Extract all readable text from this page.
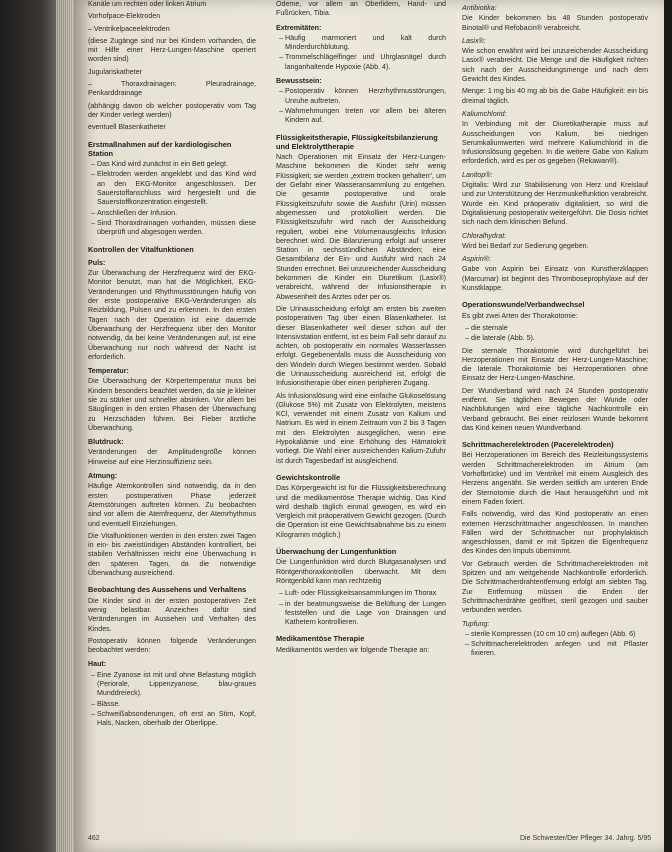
Kanäle um rechten oder linken Atrium

Vorhofpace-Elektroden

– Ventrikelpaceelektroden

(diese Zugänge sind nur bei Kindern vorhanden, die mit Hilfe einer Herz-Lungen-Maschine operiert worden sind)

Jugulariskatheter

– Thoraxdrainagen: Pleuradrainage, Perikarddrainage

(abhängig davon ob welcher postoperativ vom Tag der Kinder verlegt werden)

eventuell Blasenkatheter

Erstmaßnahmen auf der kardiologischen Station
• Das Kind wird zunächst in ein Bett gelegt.
• Elektroden werden angeklebt und das Kind wird an den EKG-Monitor angeschlossen. Der Sauerstoffanschluss wird hergestellt und die Sauerstoffkonzentration eingestellt.
• Anschließen der Infusion.
• Sind Thoraxdrainagen vorhanden, müssen diese überprüft und abgesogen werden.
Kontrollen der Vitalfunktionen
Puls:

Zur Überwachung der Herzfrequenz wird der EKG-Monitor benutzt, man hat die Möglichkeit, EKG-Veränderungen und Rhythmusstörungen häufig von der erste postoperative EKG-Veränderungen als Reizbildung, Pulsen und zu erkennen. In den ersten Tagen nach der Operation ist eine dauernde Überwachung der Herzfrequenz über den Monitor notwendig, da bei keine Veränderungen auf, ist eine Überwachung nur noch während der Nacht ist erforderlich.

Temperatur:

Die Überwachung der Körpertemperatur muss bei Kindern besonders beachtet werden, da sie je kleiner sie zu stärker und schneller absinken. Vor allem bei Säuglingen in den ersten Phasen der Überwachung zu Herzschäden führen. Bei Fieber ärztliche Überwachung.

Blutdruck:

Veränderungen der Amplitudengröße können Hinweise auf eine Herzinsuffizienz sein.

Atmung:

Häufige Atemkontrollen sind notwendig, da in den ersten postoperativen Phase jederzeit Atemstörungen auftreten können. Zu beobachten sind vor allem die Atemfrequenz, der Atemrhythmus und eventuell Einziehungen.

Die Vitalfunktionen werden in den ersten zwei Tagen in ein- bis zweistündigen Abständen kontrolliert, bei stabilen Verhältnissen reicht eine Überwachung in den späteren Tagen, da die notwendige Überwachung ausreichend.

Beobachtung des Aussehens und Verhaltens

Die Kinder sind in der ersten postoperativen Zeit wenig belastbar. Anzeichen dafür sind Veränderungen im Aussehen und Verhalten des Kindes.

Postoperativ können folgende Veränderungen beobachtet werden:

Haut:
• Eine Zyanose ist mit und ohne Belastung möglich (Periorale, Lippenzyanose, blau-graues Munddreieck).
• Blässe.
• Schweißabsonderungen, oft erst an Stirn, Kopf, Hals, Nacken, oberhalb der Oberlippe.

Ödeme, vor allem an Oberlidern, Hand- und Fußrücken, Tibia.

Extremitäten:
• Häufig marmoriert und kalt durch Minderdurchblutung.
• Trommelschlägelfinger und Uhrglasnägel durch langanhaltende Hypoxie (Abb. 4).
Bewusstsein:
• Postoperativ können Herzrhythmusstörungen, Unruhe auftreten.
• Wahrnehmungen treten vor allem bei älteren Kindern auf.
Flüssigkeitstherapie, Flüssigkeitsbilanzierung und Elektrolyttherapie

Nach Operationen mit Einsatz der Herz-Lungen-Maschine bekommen die Kinder sehr wenig Flüssigkeit; sie werden „extrem trocken gehalten“, um der Gefahr einer Wasseransammlung zu entgehen. Die gesamte postoperative und orale Flüssigkeitszufuhr sowie die Ausfuhr (Urin) müssen abgemessen und protokolliert werden. Die Flüssigkeitszufuhr wird nach der Ausscheidung reguliert, wobei eine Volumenausgleichs Infusion berechnet wird. Die Bilanzierung erfolgt auf unserer Station in sechsstündlichen Abständen; eine Gesamtbilanz der Ein- und Ausfuhr wird nach 24 Stunden errechnet. Bei unzureichender Ausscheidung bekommen die Kinder ein Diuretikum (Lasix®) verabreicht, während der Infusionstherapie in Abwesenheit des Arztes oder per os.

Die Urinausscheidung erfolgt am ersten bis zweiten postoperativen Tag über einen Blasenkatheter. Ist dieser Blasenkatheter weil dieser schon auf der Intensivstation entfernt, ist es beim Fall sehr darauf zu achten, ob postoperativ ein normales Wasserlassen erfolgt. Gegebenenfalls muss die Ausscheidung von den Windeln durch Wiegen bestimmt werden. Sobald die Urinausscheidung ausreichend ist, erfolgt die Infusionstherapie über einen peripheren Zugang.

Als Infusionslösung wird eine einfache Glukoselösung (Glukose 5%) mit Zusatz von Elektrolyten, meistens KCl, verwendet mit einem Zusatz von Kalium und Natrium. Es wird in einem Zeitraum von 2 bis 3 Tagen mit den Elektrolyten ausgeglichen, wenn eine Hypokaliämie und eine Erhöhung des Hämatokrit vorliegt. Die Wahl einer ausreichenden Kalium-Zufuhr ist durch Tagesbedarf ist ausgleichend.

Gewichtskontrolle

Das Körpergewicht ist für die Flüssigkeitsberechnung und die medikamentöse Therapie wichtig. Das Kind wird deshalb täglich einmal gewogen, es wird ein Vergleich mit präoperativem Gewicht gezogen. (Durch die Operation ist eine Gewichtsabnahme bis zu einem Kilogramm möglich.)

Überwachung der Lungenfunktion

Die Lungenfunktion wird durch Blutgasanalysen und Röntgenthoraxkontrollen überwacht. Mit dem Röntgenbild kann man rechtzeitig

• Luft- oder Flüssigkeitsansammlungen im Thorax
• in der beatmungsweise die Belüftung der Lungen feststellen und die Lage von Drainagen und Kathetern kontrollieren.
Medikamentöse Therapie

Medikamentös werden wir folgende Therapie an:

Antibiotika:

Die Kinder bekommen bis 48 Stunden postoperativ Binotal® und Refobacin® verabreicht.

Lasix®:

Wie schon erwähnt wird bei unzureichender Ausscheidung Lasix® verabreicht. Die Menge und die Häufigkeit richten sich nach der Ausscheidungsmenge und nach dem Gewicht des Kindes.

Menge: 1 mg bis 40 mg ab bis die Gabe Häufigkeit: ein bis dreimal täglich.

Kaliumchlorid:

In Verbindung mit der Diuretikatherapie muss auf Ausscheidungen von Kalium, bei niedrigen Serumkaliumwerten wird mehrere Kaliumchlorid in die Infusionslösung gegeben. In die weitere Gabe von Kalium erforderlich, wird es per os gegeben (Rekawan®).

Lanitop®:

Digitalis: Wird zur Stabilisierung von Herz und Kreislauf und zur Unterstützung der Herzmuskelfunktion verabreicht. Wurde ein Kind präoperativ digitalisiert, so wird die Digitalisierung postoperativ weitergeführt. Die Dosis richtet sich nach dem klinischen Befund.

Chloralhydrat:

Wird bei Bedarf zur Sedierung gegeben.

Aspirin®:

Gabe von Aspirin bei Einsatz von Kunstherzklappen (Marcumar) ist beginnt des Thromboseprophylaxe auf der Kunstklappe.

Operationswunde/Verbandwechsel

Es gibt zwei Arten der Thorakotomie:

• die sternale
• die laterale (Abb. 5).

Die sternale Thorakotomie wird durchgeführt bei Herzoperationen mit Einsatz der Herz-Lungen-Maschine; die laterale Thorakotomie bei Herzoperationen ohne Einsatz der Herz-Lungen-Maschine.

Der Wundverband wird nach 24 Stunden postoperativ entfernt. Sie täglichen Bewegen der Wunde oder Nachblutungen wird eine tägliche Nachkontrolle ein Verband gebraucht. Bei einer reizlosen Wunde bekommt das Kind keinen neuen Wundverband.

Schrittmacherelektroden (Pacerelektroden)

Bei Herzoperationen im Bereich des Reizleitungssystems werden Schrittmacherelektroden im Atrium (am Vorhofbrücke) und im Ventrikel mit einem Ausgleich des Herzens angenäht. Sie werden seitlich am unteren Ende der Sternotomie durch die Haut herausgeführt und mit einem Faden fixiert.

Falls notwendig, wird das Kind postoperativ an einen externen Herzschrittmacher angeschlossen. In manchen Fällen wird der Schrittmacher nur prophylaktisch angeschlossen, damit er mit Spitzen die Eigenfrequenz des Kindes den Impuls übernimmt.

Vor Gebrauch werden die Schrittmacherelektroden mit Spitzen und am weitgehende Nachkontrolle erforderlich. Die Schrittmacherdrahtentfernung erfolgt am siebten Tag. Zur Entfernung müssen die Enden der Schrittmacherdrähte geöffnet, steril gezogen und sauber verbunden werden.

Tupfung:
• sterile Kompressen (10 cm 10 cm) auflegen (Abb. 6)
• Schrittmacherelektroden anfegen und mit Pflaster fixieren.
462	Die Schwester/Der Pfleger 34. Jahrg. 5/95
